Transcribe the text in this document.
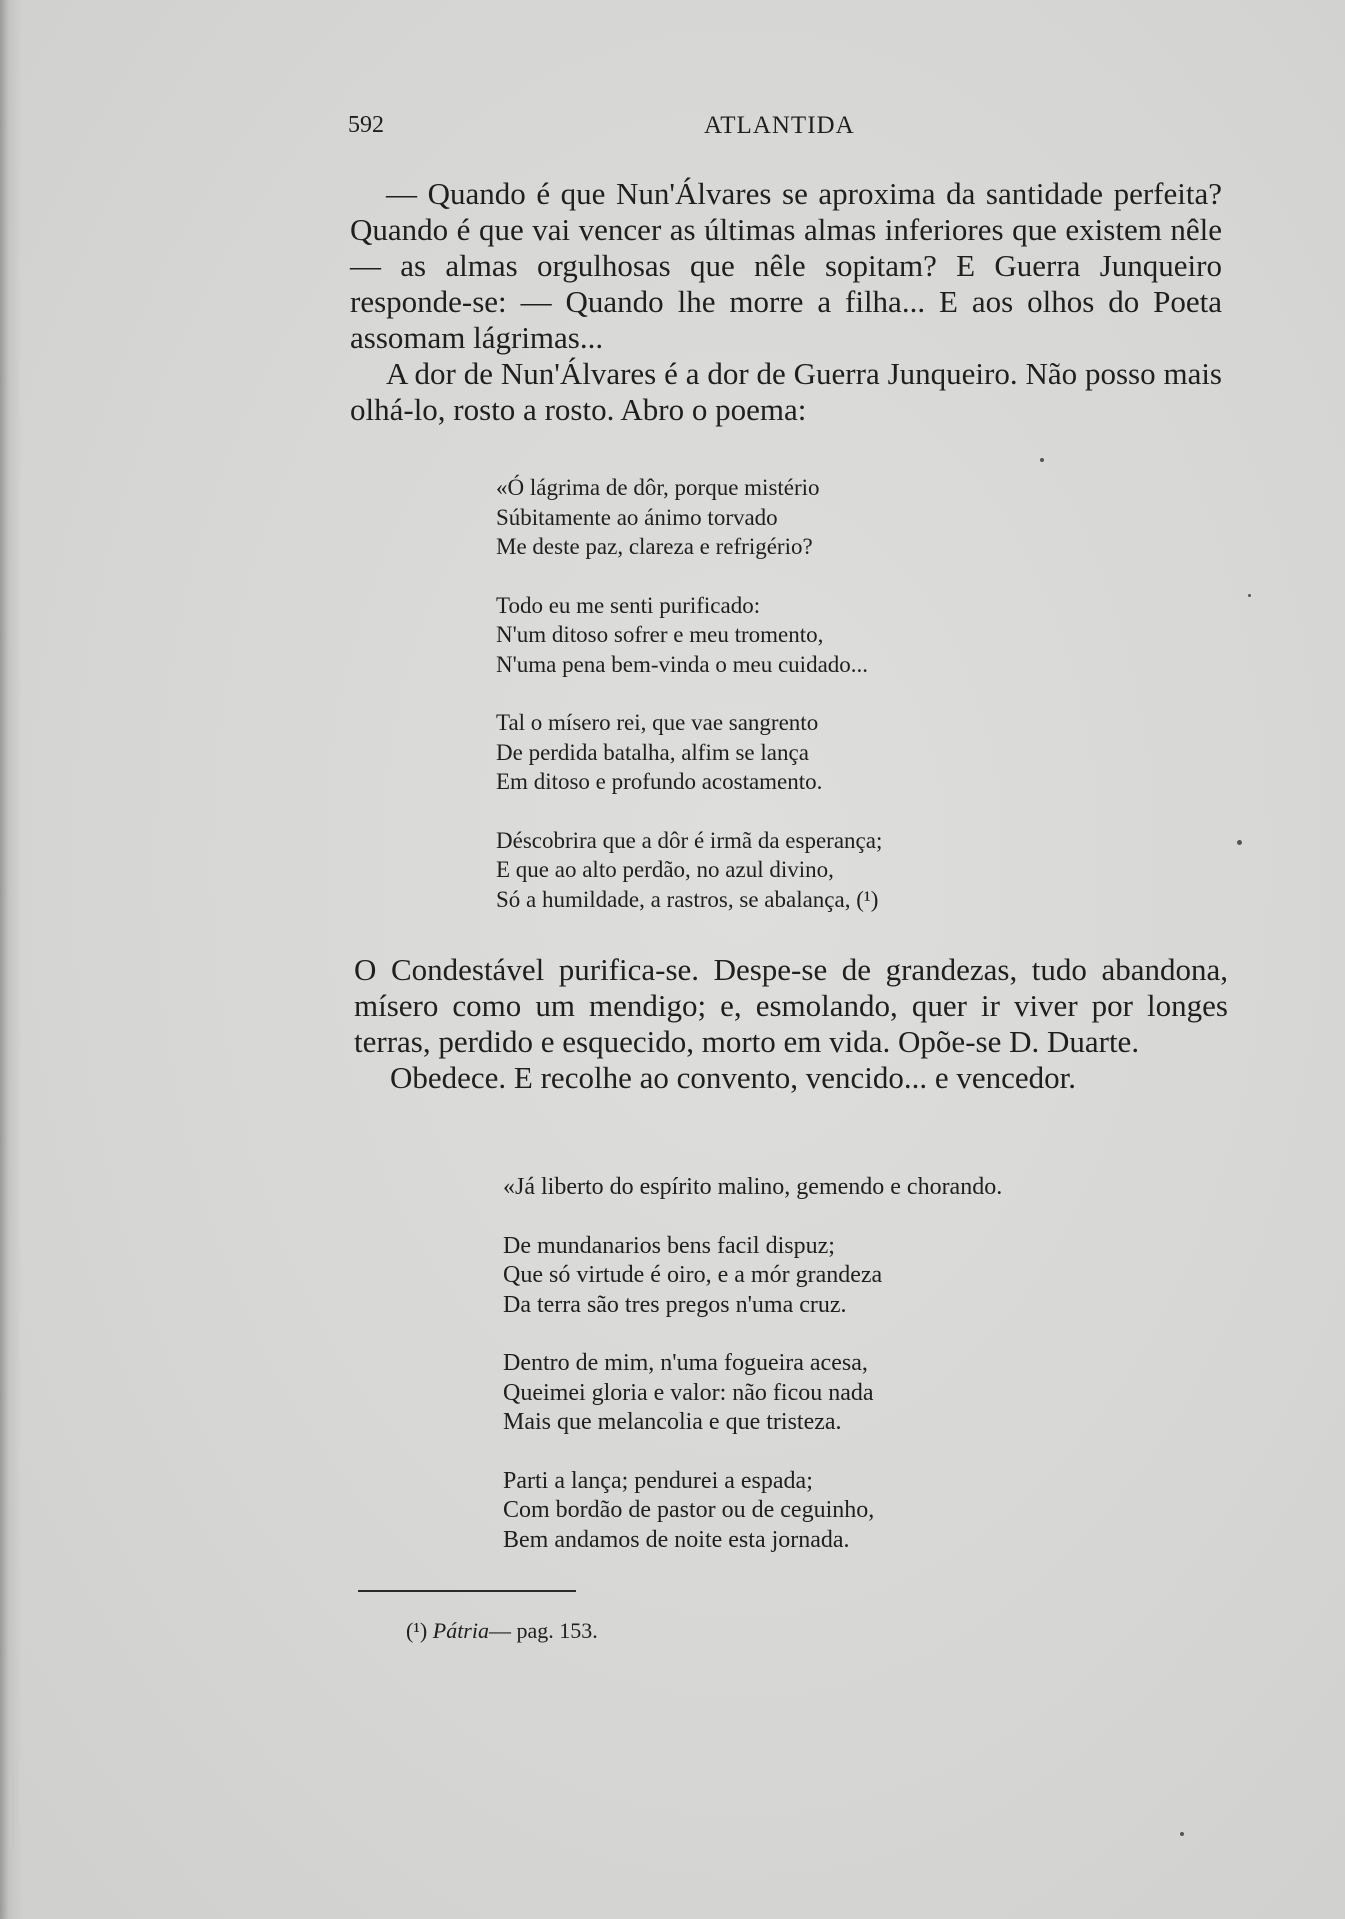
592	ATLANTIDA

— Quando é que Nun'Álvares se aproxima da santidade perfeita? Quando é que vai vencer as últimas almas inferiores que existem nêle — as almas orgulhosas que nêle sopitam? E Guerra Junqueiro responde-se: — Quando lhe morre a filha... E aos olhos do Poeta assomam lágrimas...

A dor de Nun'Álvares é a dor de Guerra Junqueiro. Não posso mais olhá-lo, rosto a rosto. Abro o poema:

«Ó lágrima de dôr, porque mistério
Súbitamente ao ánimo torvado
Me deste paz, clareza e refrigério?
Todo eu me senti purificado:
N'um ditoso sofrer e meu tromento,
N'uma pena bem-vinda o meu cuidado...
Tal o mísero rei, que vae sangrento
De perdida batalha, alfim se lança
Em ditoso e profundo acostamento.
Déscobrira que a dôr é irmã da esperança;
E que ao alto perdão, no azul divino,
Só a humildade, a rastros, se abalança, (¹)

O Condestável purifica-se. Despe-se de grandezas, tudo abandona, mísero como um mendigo; e, esmolando, quer ir viver por longes terras, perdido e esquecido, morto em vida. Opõe-se D. Duarte.

Obedece. E recolhe ao convento, vencido... e vencedor.

«Já liberto do espírito malino, gemendo e chorando.
De mundanarios bens facil dispuz;
Que só virtude é oiro, e a mór grandeza
Da terra são tres pregos n'uma cruz.
Dentro de mim, n'uma fogueira acesa,
Queimei gloria e valor: não ficou nada
Mais que melancolia e que tristeza.
Parti a lança; pendurei a espada;
Com bordão de pastor ou de ceguinho,
Bem andamos de noite esta jornada.
(¹) Pátria— pag. 153.
